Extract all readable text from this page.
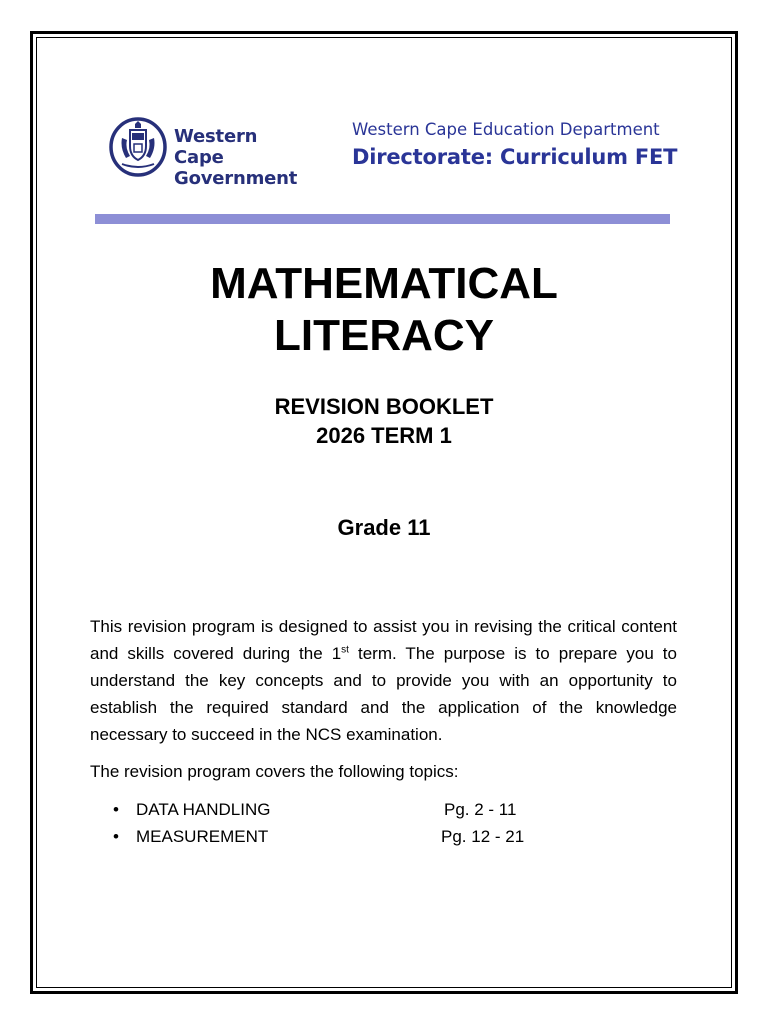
Western Cape
Government
Western Cape Education Department
Directorate: Curriculum FET
MATHEMATICAL
LITERACY
REVISION BOOKLET
2026 TERM 1
Grade 11
This revision program is designed to assist you in revising the critical content and skills covered during the 1st term. The purpose is to prepare you to understand the key concepts and to provide you with an opportunity to establish the required standard and the application of the knowledge necessary to succeed in the NCS examination.
The revision program covers the following topics:
• DATA HANDLING	Pg. 2 - 11
• MEASUREMENT	Pg. 12 - 21
